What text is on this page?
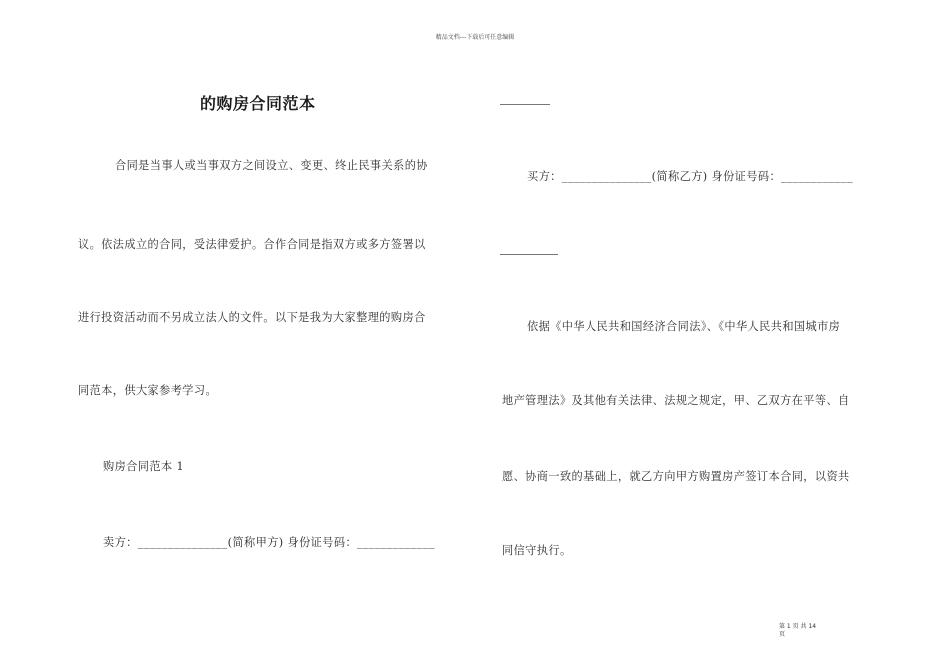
精品文档---下载后可任意编辑
的购房合同范本
合同是当事人或当事双方之间设立、变更、终止民事关系的协
议。依法成立的合同，受法律爱护。合作合同是指双方或多方签署以
进行投资活动而不另成立法人的文件。以下是我为大家整理的购房合
同范本，供大家参考学习。
购房合同范本 1
卖方：_______________(简称甲方) 身份证号码：_____________
买方：_______________(简称乙方) 身份证号码：____________
依据《中华人民共和国经济合同法》、《中华人民共和国城市房
地产管理法》及其他有关法律、法规之规定，甲、乙双方在平等、自
愿、协商一致的基础上，就乙方向甲方购置房产签订本合同，以资共
同信守执行。
第 1 页 共 14
页
